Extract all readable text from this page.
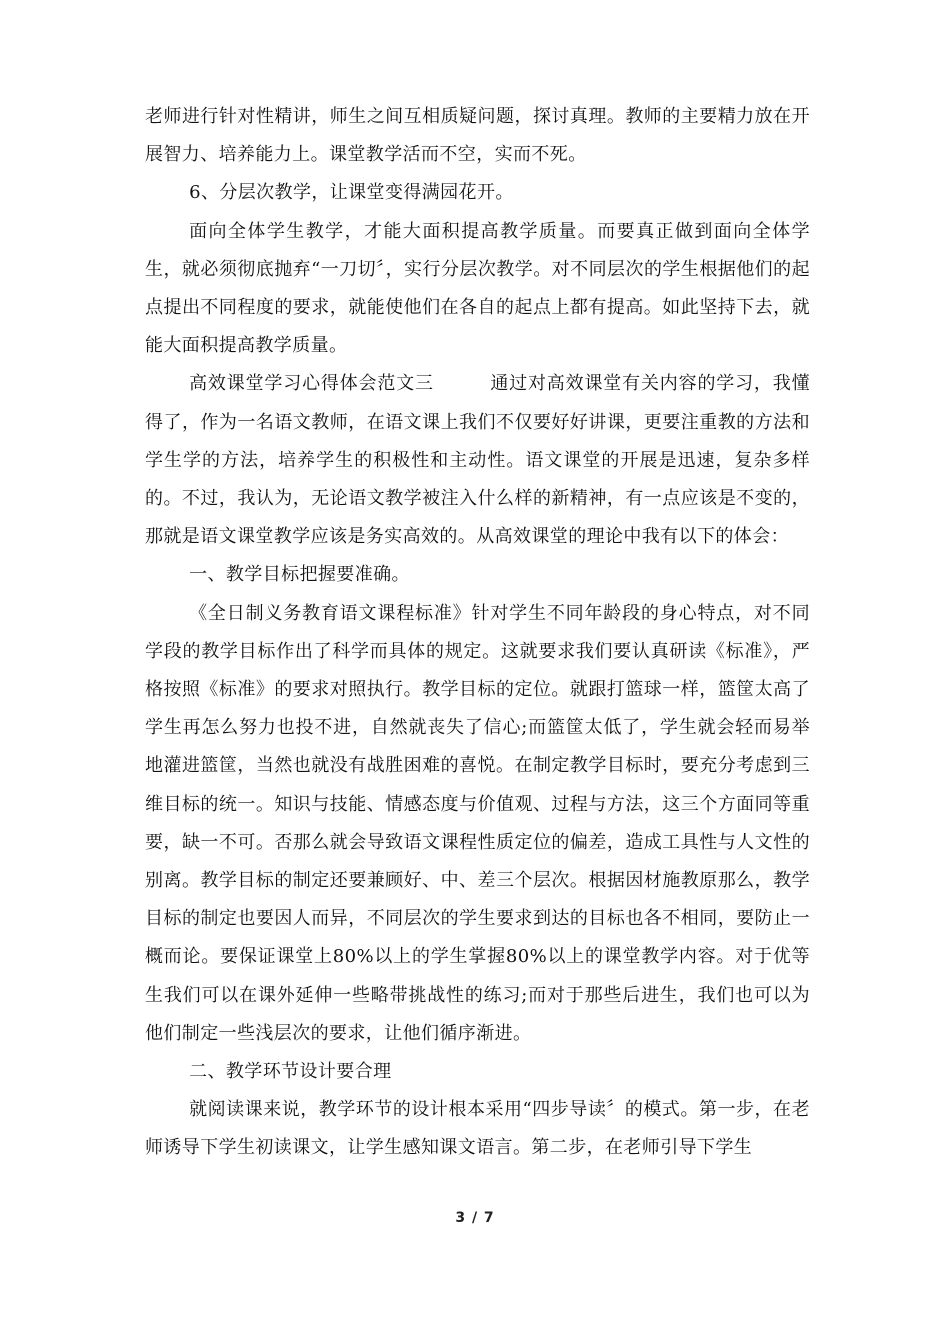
老师进行针对性精讲，师生之间互相质疑问题，探讨真理。教师的主要精力放在开展智力、培养能力上。课堂教学活而不空，实而不死。

6、分层次教学，让课堂变得满园花开。

面向全体学生教学，才能大面积提高教学质量。而要真正做到面向全体学生，就必须彻底抛弃“一刀切〞，实行分层次教学。对不同层次的学生根据他们的起点提出不同程度的要求，就能使他们在各自的起点上都有提高。如此坚持下去，就能大面积提高教学质量。

高效课堂学习心得体会范文三	通过对高效课堂有关内容的学习，我懂得了，作为一名语文教师，在语文课上我们不仅要好好讲课，更要注重教的方法和学生学的方法，培养学生的积极性和主动性。语文课堂的开展是迅速，复杂多样的。不过，我认为，无论语文教学被注入什么样的新精神，有一点应该是不变的，那就是语文课堂教学应该是务实高效的。从高效课堂的理论中我有以下的体会：

一、教学目标把握要准确。

《全日制义务教育语文课程标准》针对学生不同年龄段的身心特点，对不同学段的教学目标作出了科学而具体的规定。这就要求我们要认真研读《标准》，严格按照《标准》的要求对照执行。教学目标的定位。就跟打篮球一样，篮筐太高了学生再怎么努力也投不进，自然就丧失了信心;而篮筐太低了，学生就会轻而易举地灌进篮筐，当然也就没有战胜困难的喜悦。在制定教学目标时，要充分考虑到三维目标的统一。知识与技能、情感态度与价值观、过程与方法，这三个方面同等重要，缺一不可。否那么就会导致语文课程性质定位的偏差，造成工具性与人文性的别离。教学目标的制定还要兼顾好、中、差三个层次。根据因材施教原那么，教学目标的制定也要因人而异，不同层次的学生要求到达的目标也各不相同，要防止一概而论。要保证课堂上80%以上的学生掌握80%以上的课堂教学内容。对于优等生我们可以在课外延伸一些略带挑战性的练习;而对于那些后进生，我们也可以为他们制定一些浅层次的要求，让他们循序渐进。

二、教学环节设计要合理

就阅读课来说，教学环节的设计根本采用“四步导读〞的模式。第一步，在老师诱导下学生初读课文，让学生感知课文语言。第二步，在老师引导下学生

3 / 7
